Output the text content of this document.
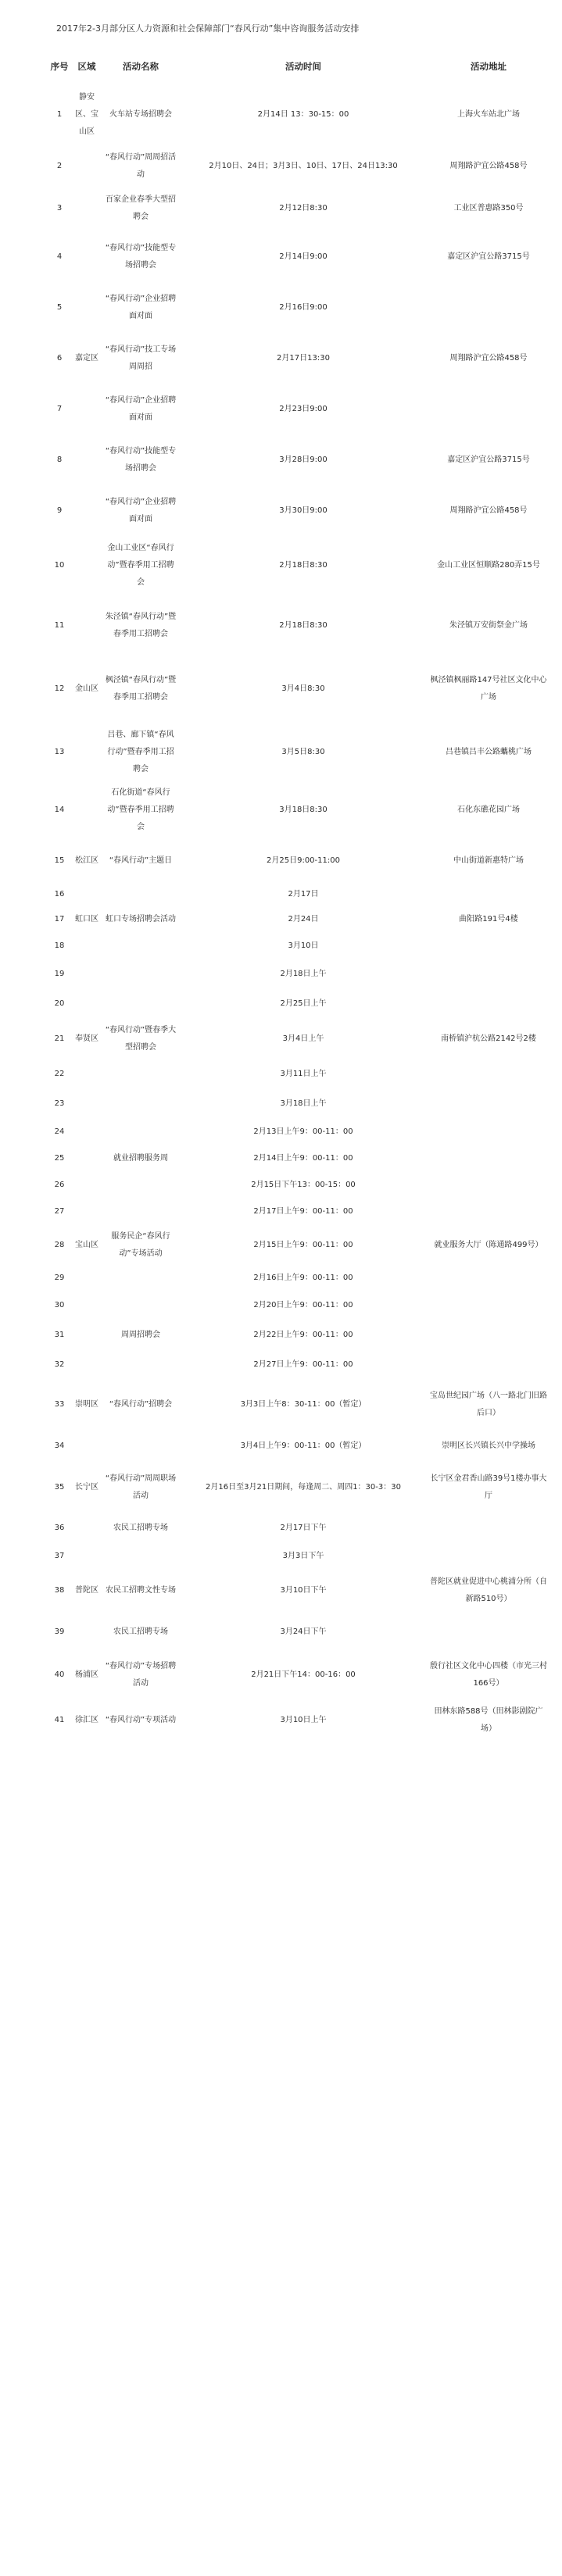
2017年2-3月部分区人力资源和社会保障部门“春风行动”集中咨询服务活动安排
序号	区域	活动名称	活动时间	活动地址
1	静安区、宝山区	火车站专场招聘会	2月14日 13：30-15：00	上海火车站北广场
2		“春风行动”周周招活动	2月10日、24日；3月3日、10日、17日、24日13:30	周翔路沪宜公路458号
3		百家企业春季大型招聘会	2月12日8:30	工业区普惠路350号
4		“春风行动”技能型专场招聘会	2月14日9:00	嘉定区沪宜公路3715号
5		“春风行动”企业招聘面对面	2月16日9:00	
6	嘉定区	“春风行动”技工专场周周招	2月17日13:30	周翔路沪宜公路458号
7		“春风行动”企业招聘面对面	2月23日9:00	
8		“春风行动”技能型专场招聘会	3月28日9:00	嘉定区沪宜公路3715号
9		“春风行动”企业招聘面对面	3月30日9:00	周翔路沪宜公路458号
10		金山工业区“春风行动”暨春季用工招聘会	2月18日8:30	金山工业区恒顺路280弄15号
11		朱泾镇“春风行动”暨春季用工招聘会	2月18日8:30	朱泾镇万安街祭金广场
12	金山区	枫泾镇“春风行动”暨春季用工招聘会	3月4日8:30	枫泾镇枫丽路147号社区文化中心广场
13		吕巷、廊下镇“春风行动”暨春季用工招聘会	3月5日8:30	吕巷镇吕丰公路蠵桃广场
14		石化街道“春风行动”暨春季用工招聘会	3月18日8:30	石化东礁花园广场
15	松江区	“春风行动”主题日	2月25日9:00-11:00	中山街道新惠特广场
16			2月17日	
17	虹口区	虹口专场招聘会活动	2月24日	曲阳路191号4楼
18			3月10日	
19			2月18日上午	
20			2月25日上午	
21	奉贤区	“春风行动”暨春季大型招聘会	3月4日上午	南桥镇沪杭公路2142号2楼
22			3月11日上午	
23			3月18日上午	
24			2月13日上午9：00-11：00	
25		就业招聘服务周	2月14日上午9：00-11：00	
26			2月15日下午13：00-15：00	
27			2月17日上午9：00-11：00	
28	宝山区	服务民企“春风行动”专场活动	2月15日上午9：00-11：00	就业服务大厅（陈通路499号）
29			2月16日上午9：00-11：00	
30			2月20日上午9：00-11：00	
31		周周招聘会	2月22日上午9：00-11：00	
32			2月27日上午9：00-11：00	
33	崇明区	“春风行动”招聘会	3月3日上午8：30-11：00（暂定）	宝岛世纪园广场（八一路北门旧路后口）
34			3月4日上午9：00-11：00（暂定）	崇明区长兴镇长兴中学操场
35	长宁区	“春风行动”周周职场活动	2月16日至3月21日期间，每逢周二、周四1：30-3：30	长宁区金君香山路39号1楼办事大厅
36		农民工招聘专场	2月17日下午	
37			3月3日下午	
38	普陀区	农民工招聘文性专场	3月10日下午	普陀区就业促进中心桃浦分所（自新路510号）
39		农民工招聘专场	3月24日下午	
40	杨浦区	“春风行动”专场招聘活动	2月21日下午14：00-16：00	殷行社区文化中心四楼（市光三村166号）
41	徐汇区	“春风行动”专项活动	3月10日上午	田林东路588号（田林影剧院广场）
